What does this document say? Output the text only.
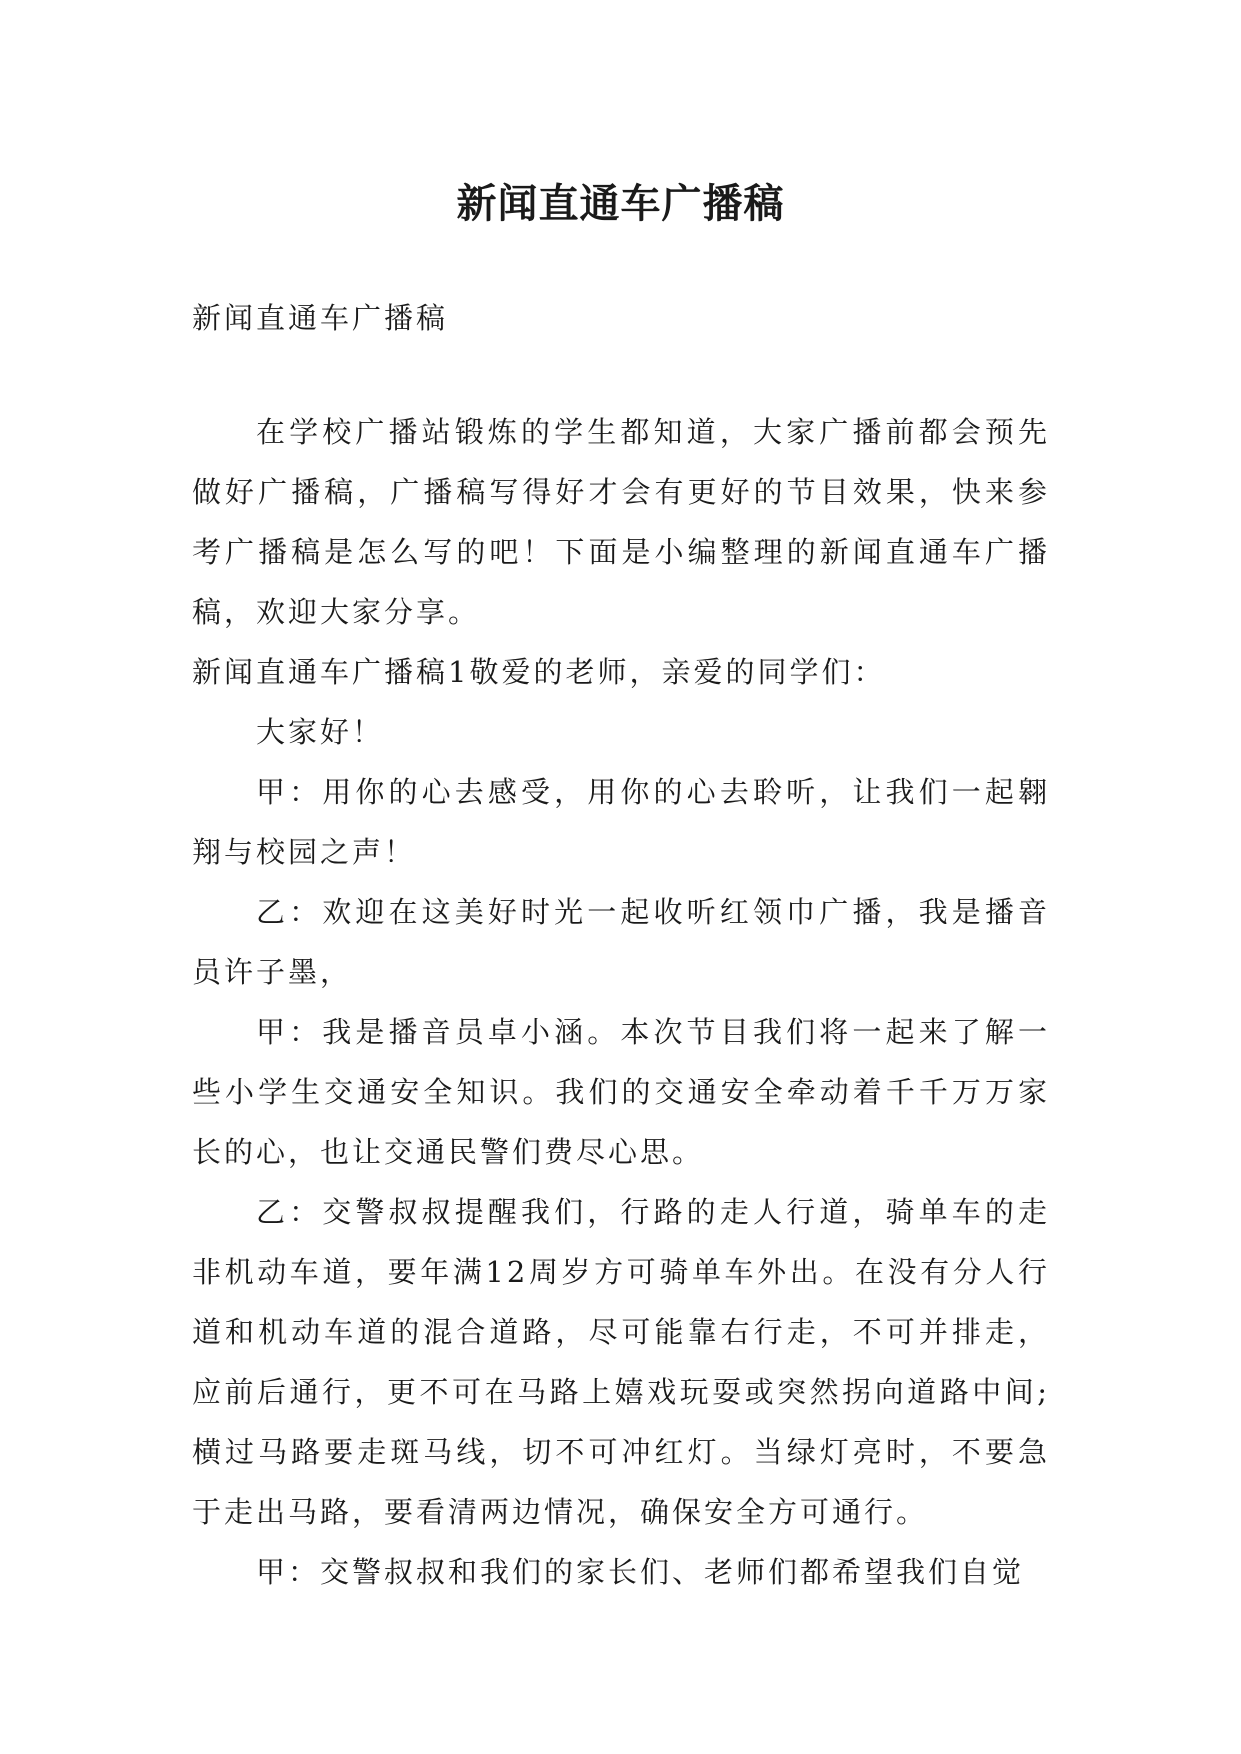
新闻直通车广播稿

新闻直通车广播稿

在学校广播站锻炼的学生都知道，大家广播前都会预先做好广播稿，广播稿写得好才会有更好的节目效果，快来参考广播稿是怎么写的吧！下面是小编整理的新闻直通车广播稿，欢迎大家分享。

新闻直通车广播稿1敬爱的老师，亲爱的同学们：

大家好！

甲：用你的心去感受，用你的心去聆听，让我们一起翱翔与校园之声！

乙：欢迎在这美好时光一起收听红领巾广播，我是播音员许子墨，

甲：我是播音员卓小涵。本次节目我们将一起来了解一些小学生交通安全知识。我们的交通安全牵动着千千万万家长的心，也让交通民警们费尽心思。

乙：交警叔叔提醒我们，行路的走人行道，骑单车的走非机动车道，要年满12周岁方可骑单车外出。在没有分人行道和机动车道的混合道路，尽可能靠右行走，不可并排走，应前后通行，更不可在马路上嬉戏玩耍或突然拐向道路中间;横过马路要走斑马线，切不可冲红灯。当绿灯亮时，不要急于走出马路，要看清两边情况，确保安全方可通行。

甲：交警叔叔和我们的家长们、老师们都希望我们自觉
